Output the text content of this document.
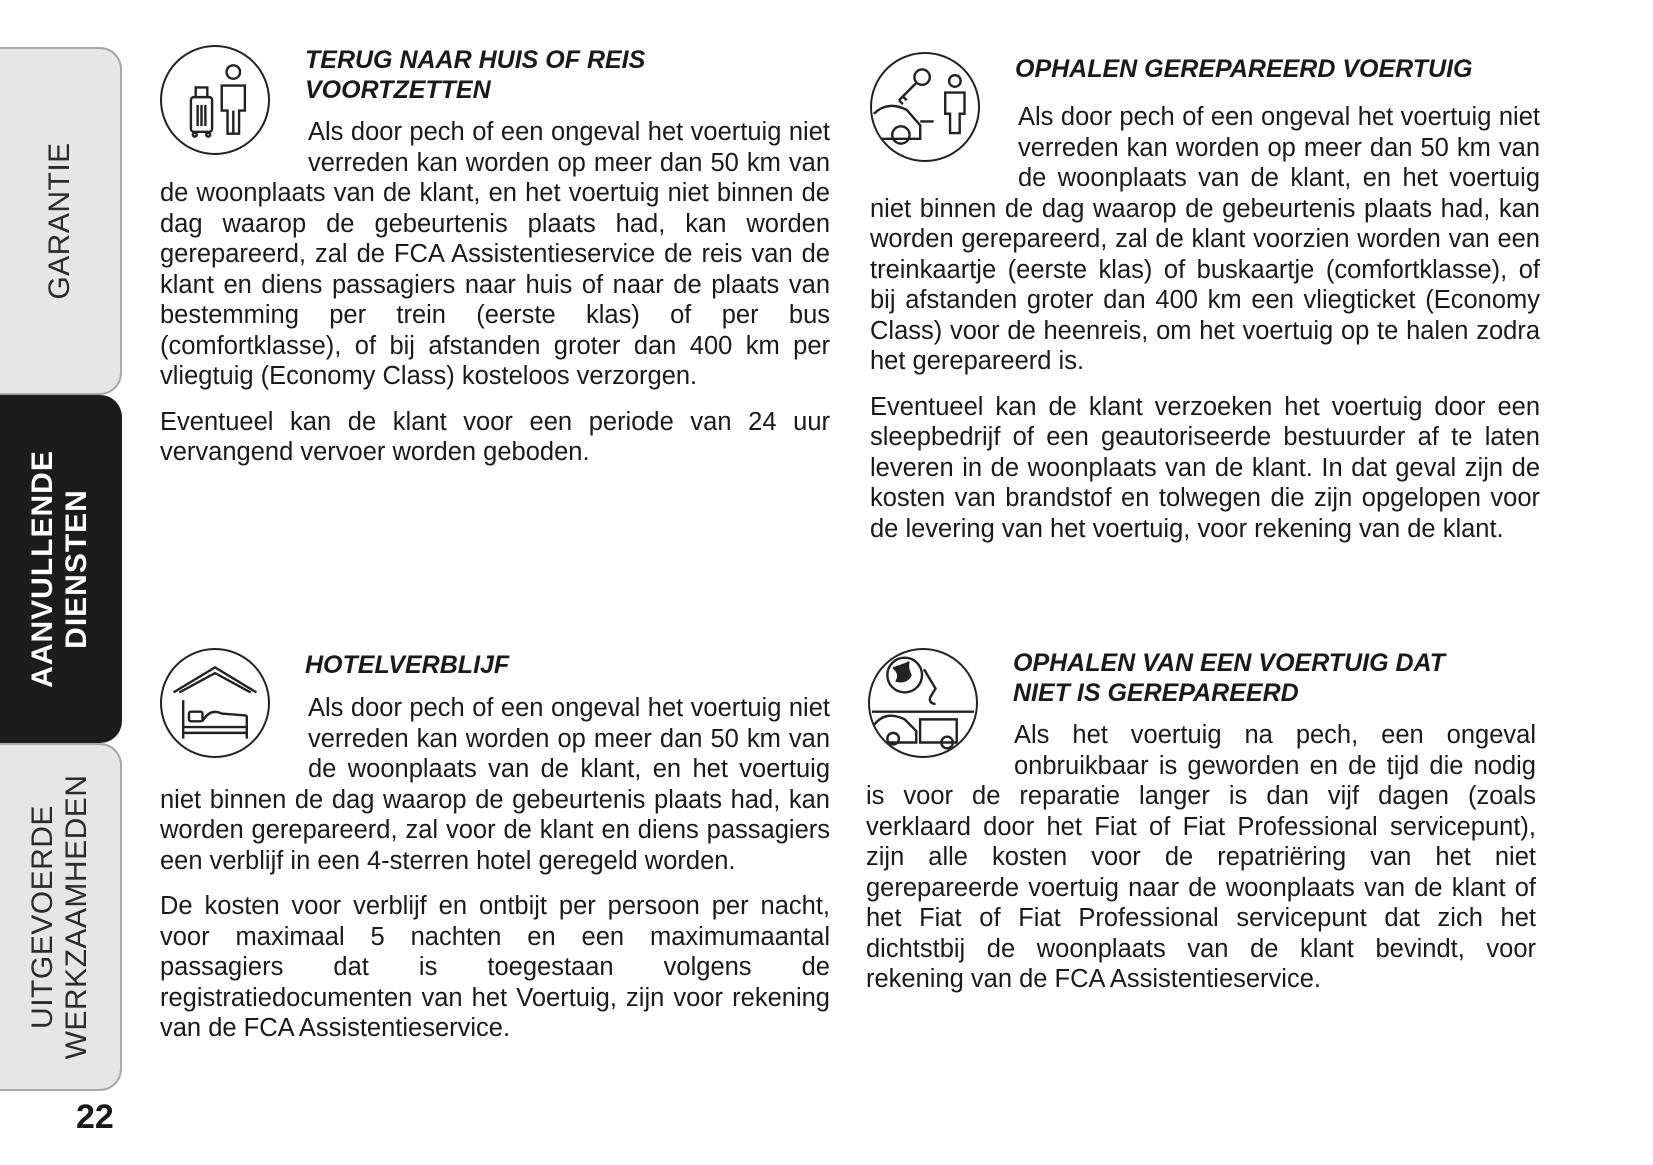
GARANTIE
AANVULLENDE
DIENSTEN
UITGEVOERDE
WERKZAAMHEDEN
22
TERUG NAAR HUIS OF REIS
VOORTZETTEN

Als door pech of een ongeval het voertuig niet verreden kan worden op meer dan 50 km van de woonplaats van de klant, en het voertuig niet binnen de dag waarop de gebeurtenis plaats had, kan worden gerepareerd, zal de FCA Assistentieservice de reis van de klant en diens passagiers naar huis of naar de plaats van bestemming per trein (eerste klas) of per bus (comfortklasse), of bij afstanden groter dan 400 km per vliegtuig (Economy Class) kosteloos verzorgen.

Eventueel kan de klant voor een periode van 24 uur vervangend vervoer worden geboden.

OPHALEN GEREPAREERD VOERTUIG

Als door pech of een ongeval het voertuig niet verreden kan worden op meer dan 50 km van de woonplaats van de klant, en het voertuig niet binnen de dag waarop de gebeurtenis plaats had, kan worden gerepareerd, zal de klant voorzien worden van een treinkaartje (eerste klas) of buskaartje (comfortklasse), of bij afstanden groter dan 400 km een vliegticket (Economy Class) voor de heenreis, om het voertuig op te halen zodra het gerepareerd is.

Eventueel kan de klant verzoeken het voertuig door een sleepbedrijf of een geautoriseerde bestuurder af te laten leveren in de woonplaats van de klant. In dat geval zijn de kosten van brandstof en tolwegen die zijn opgelopen voor de levering van het voertuig, voor rekening van de klant.

HOTELVERBLIJF

Als door pech of een ongeval het voertuig niet verreden kan worden op meer dan 50 km van de woonplaats van de klant, en het voertuig niet binnen de dag waarop de gebeurtenis plaats had, kan worden gerepareerd, zal voor de klant en diens passagiers een verblijf in een 4-sterren hotel geregeld worden.

De kosten voor verblijf en ontbijt per persoon per nacht, voor maximaal 5 nachten en een maximumaantal passagiers dat is toegestaan volgens de registratiedocumenten van het Voertuig, zijn voor rekening van de FCA Assistentieservice.

OPHALEN VAN EEN VOERTUIG DAT
NIET IS GEREPAREERD

Als het voertuig na pech, een ongeval onbruikbaar is geworden en de tijd die nodig is voor de reparatie langer is dan vijf dagen (zoals verklaard door het Fiat of Fiat Professional servicepunt), zijn alle kosten voor de repatriëring van het niet gerepareerde voertuig naar de woonplaats van de klant of het Fiat of Fiat Professional servicepunt dat zich het dichtstbij de woonplaats van de klant bevindt, voor rekening van de FCA Assistentieservice.
